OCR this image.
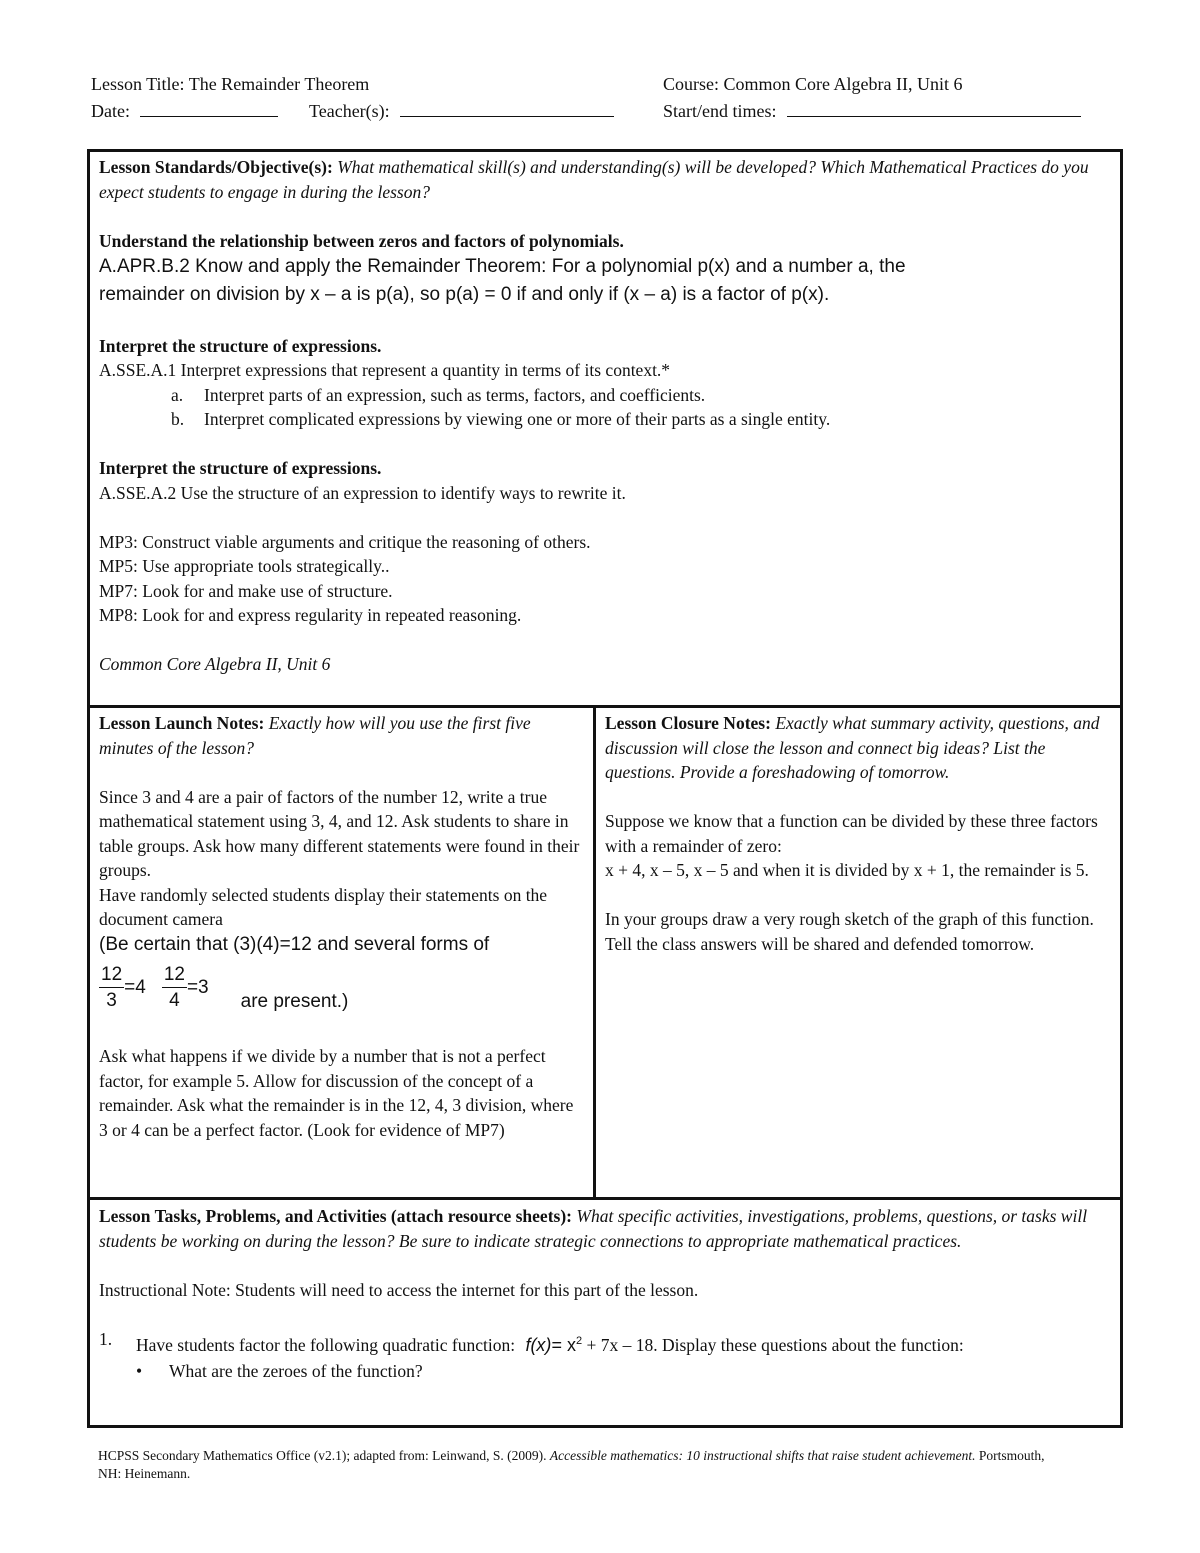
Lesson Title: The Remainder Theorem	Course: Common Core Algebra II, Unit 6
Date:	Teacher(s):	Start/end times:
Lesson Standards/Objective(s): What mathematical skill(s) and understanding(s) will be developed? Which Mathematical Practices do you expect students to engage in during the lesson?
Understand the relationship between zeros and factors of polynomials.
A.APR.B.2 Know and apply the Remainder Theorem: For a polynomial p(x) and a number a, the
remainder on division by x – a is p(a), so p(a) = 0 if and only if (x – a) is a factor of p(x).
Interpret the structure of expressions.
A.SSE.A.1 Interpret expressions that represent a quantity in terms of its context.*
a. Interpret parts of an expression, such as terms, factors, and coefficients.
b. Interpret complicated expressions by viewing one or more of their parts as a single entity.
Interpret the structure of expressions.
A.SSE.A.2 Use the structure of an expression to identify ways to rewrite it.
MP3: Construct viable arguments and critique the reasoning of others.
MP5: Use appropriate tools strategically..
MP7: Look for and make use of structure.
MP8: Look for and express regularity in repeated reasoning.
Common Core Algebra II, Unit 6
Lesson Launch Notes: Exactly how will you use the first five minutes of the lesson?
Since 3 and 4 are a pair of factors of the number 12, write a true mathematical statement using 3, 4, and 12. Ask students to share in table groups. Ask how many different statements were found in their groups.
Have randomly selected students display their statements on the document camera
(Be certain that (3)(4)=12 and several forms of
$\frac{12}{3} =4 \frac{12}{4} =3$
are present.)
Ask what happens if we divide by a number that is not a perfect factor, for example 5. Allow for discussion of the concept of a remainder. Ask what the remainder is in the 12, 4, 3 division, where 3 or 4 can be a perfect factor. (Look for evidence of MP7)
Lesson Closure Notes: Exactly what summary activity, questions, and discussion will close the lesson and connect big ideas? List the questions. Provide a foreshadowing of tomorrow.
Suppose we know that a function can be divided by these three factors with a remainder of zero:
x + 4, x – 5, x – 5 and when it is divided by x + 1, the remainder is 5.
In your groups draw a very rough sketch of the graph of this function. Tell the class answers will be shared and defended tomorrow.
Lesson Tasks, Problems, and Activities (attach resource sheets): What specific activities, investigations, problems, questions, or tasks will students be working on during the lesson? Be sure to indicate strategic connections to appropriate mathematical practices.
Instructional Note: Students will need to access the internet for this part of the lesson.
1.	Have students factor the following quadratic function: $f(x)= x^2 + 7x - 18$. Display these questions about the function:
•	What are the zeroes of the function?
HCPSS Secondary Mathematics Office (v2.1); adapted from: Leinwand, S. (2009). Accessible mathematics: 10 instructional shifts that raise student achievement. Portsmouth, NH: Heinemann.
